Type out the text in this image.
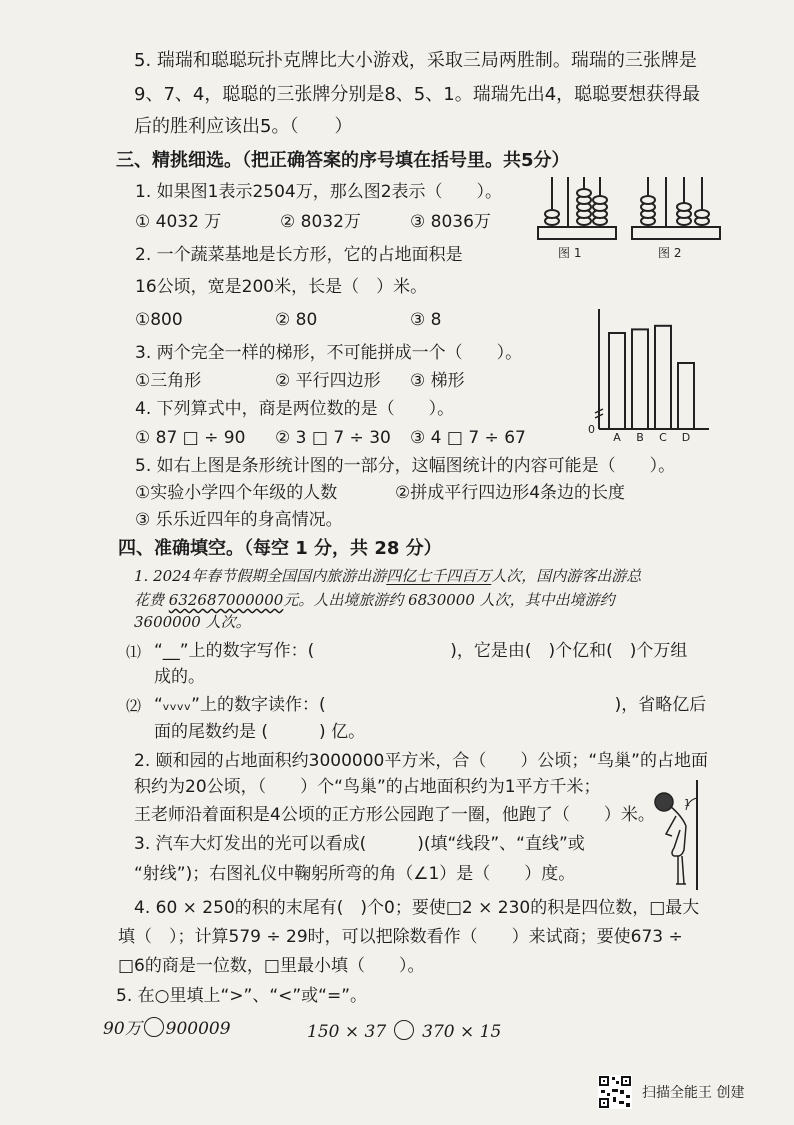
5. 瑞瑞和聪聪玩扑克牌比大小游戏，采取三局两胜制。瑞瑞的三张牌是
9、7、4，聪聪的三张牌分别是8、5、1。瑞瑞先出4，聪聪要想获得最
后的胜利应该出5。（　　）
三、精挑细选。（把正确答案的序号填在括号里。共5分）
1. 如果图1表示2504万，那么图2表示（　　）。
① 4032 万	② 8032万	③ 8036万
2. 一个蔬菜基地是长方形，它的占地面积是
16公顷，宽是200米，长是（　）米。
①800	② 80	③ 8
3. 两个完全一样的梯形，不可能拼成一个（　　）。
①三角形	② 平行四边形 ③ 梯形
4. 下列算式中，商是两位数的是（　　）。
① 87 □ ÷ 90 ② 3 □ 7 ÷ 30 ③ 4 □ 7 ÷ 67
5. 如右上图是条形统计图的一部分，这幅图统计的内容可能是（　　）。
①实验小学四个年级的人数	②拼成平行四边形4条边的长度
③ 乐乐近四年的身高情况。
图 1	图 2
0
A B C D
四、准确填空。（每空 1 分，共 28 分）
1. 2024年春节假期全国国内旅游出游四亿七千四百万人次，国内游客出游总
花费 632687000000元。人出境旅游约 6830000 人次，其中出境游约
3600000 人次。
⑴ “__”上的数字写作：(　　　　　　　　)，它是由(　)个亿和(　)个万组
成的。
⑵ “ᵥᵥᵥᵥ”上的数字读作：(　　　　　　　　　　　　　　　　　)，省略亿后
面的尾数约是 (　　　) 亿。
2. 颐和园的占地面积约3000000平方米，合（　　）公顷；“鸟巢”的占地面
积约为20公顷，（　　）个“鸟巢”的占地面积约为1平方千米；
王老师沿着面积是4公顷的正方形公园跑了一圈，他跑了（　　）米。
3. 汽车大灯发出的光可以看成(　　　)(填“线段”、“直线”或
“射线”)；右图礼仪中鞠躬所弯的角（∠1）是（　　）度。
1
4. 60 × 250的积的末尾有(　)个0；要使□2 × 230的积是四位数，□最大
填（　）；计算579 ÷ 29时，可以把除数看作（　　）来试商；要使673 ÷
□6的商是一位数，□里最小填（　　）。
5. 在○里填上“>”、“<”或“=”。
90万 900009	150 × 37 370 × 15
扫描全能王 创建
